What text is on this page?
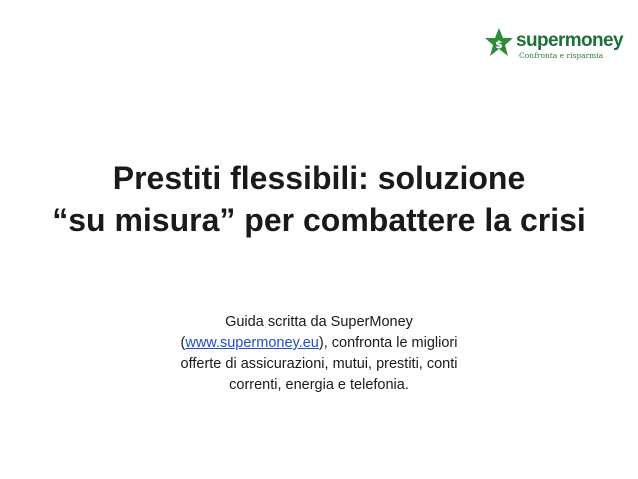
$ supermoney
Confronta e risparmia
Prestiti flessibili: soluzione
“su misura” per combattere la crisi
Guida scritta da SuperMoney
(www.supermoney.eu), confronta le migliori
offerte di assicurazioni, mutui, prestiti, conti
correnti, energia e telefonia.
